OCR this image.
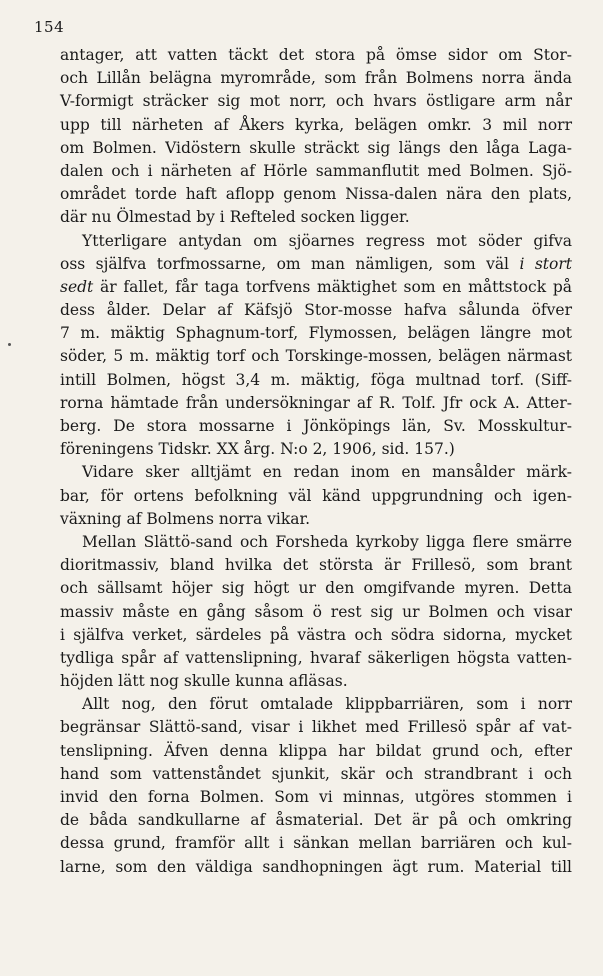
154
antager, att vatten täckt det stora på ömse sidor om Stor-
och Lillån belägna myrområde, som från Bolmens norra ända
V-formigt sträcker sig mot norr, och hvars östligare arm når
upp till närheten af Åkers kyrka, belägen omkr. 3 mil norr
om Bolmen. Vidöstern skulle sträckt sig längs den låga Laga-
dalen och i närheten af Hörle sammanflutit med Bolmen. Sjö-
området torde haft aflopp genom Nissa-dalen nära den plats,
där nu Ölmestad by i Refteled socken ligger.
Ytterligare antydan om sjöarnes regress mot söder gifva
oss själfva torfmossarne, om man nämligen, som väl i stort
sedt är fallet, får taga torfvens mäktighet som en måttstock på
dess ålder. Delar af Käfsjö Stor-mosse hafva sålunda öfver
7 m. mäktig Sphagnum-torf, Flymossen, belägen längre mot
söder, 5 m. mäktig torf och Torskinge-mossen, belägen närmast
intill Bolmen, högst 3,4 m. mäktig, föga multnad torf. (Siff-
rorna hämtade från undersökningar af R. Tolf. Jfr ock A. Atter-
berg. De stora mossarne i Jönköpings län, Sv. Mosskultur-
föreningens Tidskr. XX årg. N:o 2, 1906, sid. 157.)
Vidare sker alltjämt en redan inom en mansålder märk-
bar, för ortens befolkning väl känd uppgrundning och igen-
växning af Bolmens norra vikar.
Mellan Slättö-sand och Forsheda kyrkoby ligga flere smärre
dioritmassiv, bland hvilka det största är Frillesö, som brant
och sällsamt höjer sig högt ur den omgifvande myren. Detta
massiv måste en gång såsom ö rest sig ur Bolmen och visar
i själfva verket, särdeles på västra och södra sidorna, mycket
tydliga spår af vattenslipning, hvaraf säkerligen högsta vatten-
höjden lätt nog skulle kunna afläsas.
Allt nog, den förut omtalade klippbarriären, som i norr
begränsar Slättö-sand, visar i likhet med Frillesö spår af vat-
tenslipning. Äfven denna klippa har bildat grund och, efter
hand som vattenståndet sjunkit, skär och strandbrant i och
invid den forna Bolmen. Som vi minnas, utgöres stommen i
de båda sandkullarne af åsmaterial. Det är på och omkring
dessa grund, framför allt i sänkan mellan barriären och kul-
larne, som den väldiga sandhopningen ägt rum. Material till
